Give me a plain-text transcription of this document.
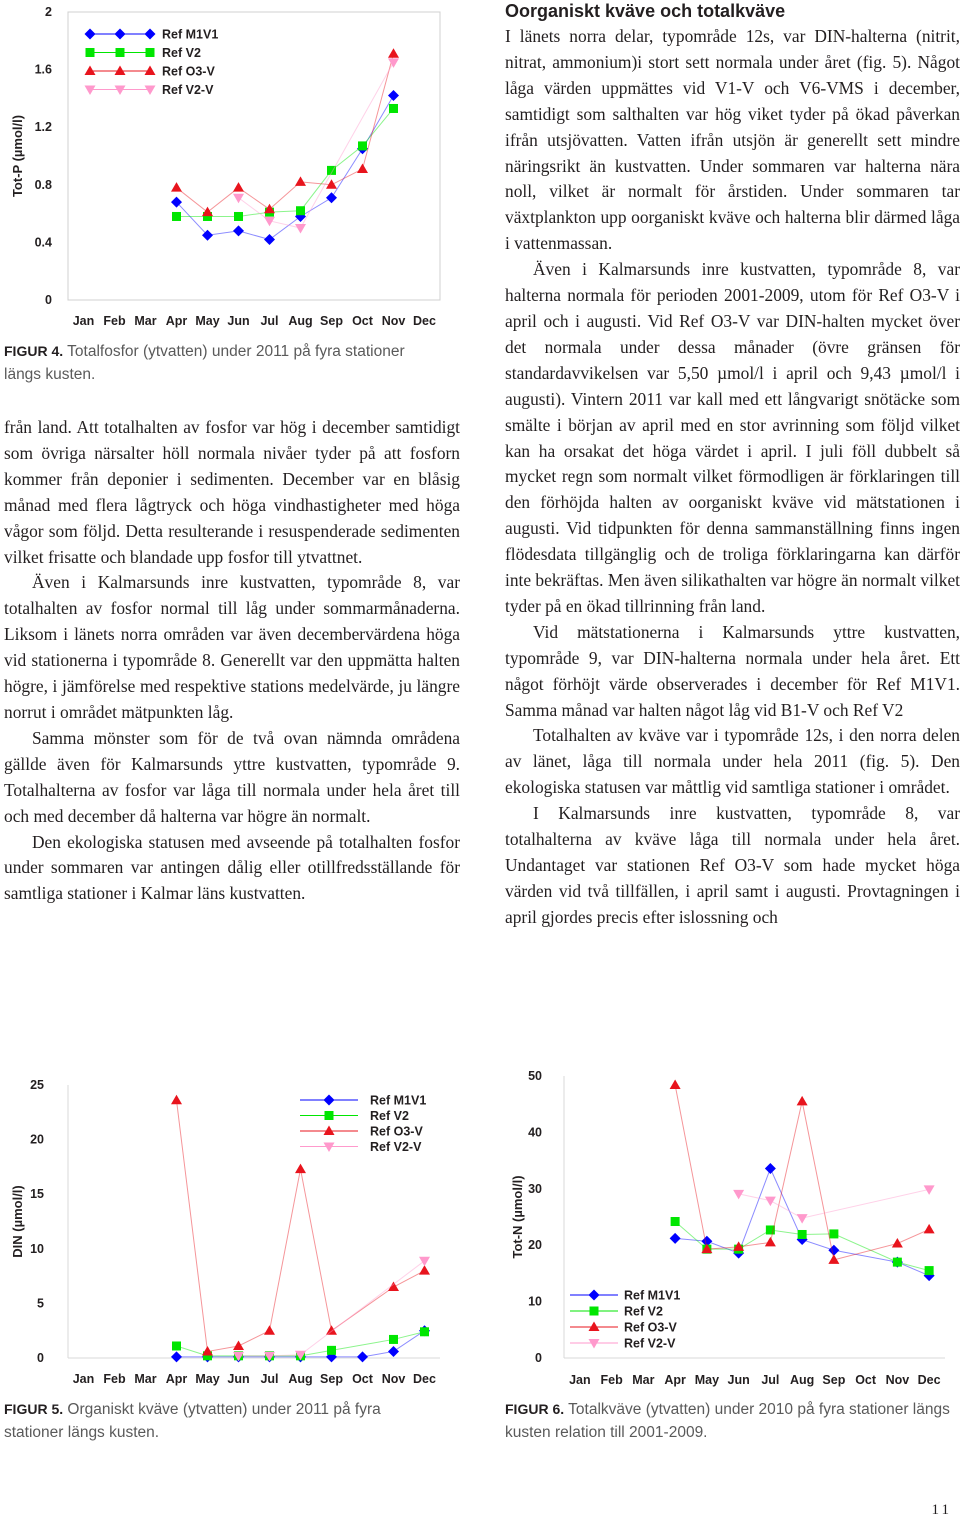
0
0.4
0.8
1.2
1.6
2
Tot-P (µmol/l)
Jan Feb Mar Apr May Jun Jul Aug Sep Oct Nov Dec
Ref M1V1
Ref V2
Ref O3-V
Ref V2-V
FIGUR 4. Totalfosfor (ytvatten) under 2011 på fyra stationer längs kusten.

från land. Att totalhalten av fosfor var hög i december samtidigt som övriga närsalter höll normala nivåer tyder på att fosforn kommer från deponier i sedimenten. December var en blåsig månad med flera lågtryck och höga vindhastigheter med höga vågor som följd. Detta resulterande i resuspenderade sedimenten vilket frisatte och blandade upp fosfor till ytvattnet.

Även i Kalmarsunds inre kustvatten, typområde 8, var totalhalten av fosfor normal till låg under sommarmånaderna. Liksom i länets norra områden var även decembervärdena höga vid stationerna i typområde 8. Generellt var den uppmätta halten högre, i jämförelse med respektive stations medelvärde, ju längre norrut i området mätpunkten låg.

Samma mönster som för de två ovan nämnda områdena gällde även för Kalmarsunds yttre kustvatten, typområde 9. Totalhalterna av fosfor var låga till normala under hela året till och med december då halterna var högre än normalt.

Den ekologiska statusen med avseende på totalhalten fosfor under sommaren var antingen dålig eller otillfredsställande för samtliga stationer i Kalmar läns kustvatten.

Oorganiskt kväve och totalkväve

I länets norra delar, typområde 12s, var DIN-halterna (nitrit, nitrat, ammonium)i stort sett normala under året (fig. 5). Något låga värden uppmättes vid V1-V och V6-VMS i december, samtidigt som salthalten var hög viket tyder på ökad påverkan ifrån utsjövatten. Vatten ifrån utsjön är generellt sett mindre näringsrikt än kustvatten. Under sommaren var halterna nära noll, vilket är normalt för årstiden. Under sommaren tar växtplankton upp oorganiskt kväve och halterna blir därmed låga i vattenmassan.

Även i Kalmarsunds inre kustvatten, typområde 8, var halterna normala för perioden 2001-2009, utom för Ref O3-V i april och i augusti. Vid Ref O3-V var DIN-halten mycket över det normala under dessa månader (övre gränsen för standardavvikelsen var 5,50 µmol/l i april och 9,43 µmol/l i augusti). Vintern 2011 var kall med ett långvarigt snötäcke som smälte i början av april med en stor avrinning som följd vilket kan ha orsakat det höga värdet i april. I juli föll dubbelt så mycket regn som normalt vilket förmodligen är förklaringen till den förhöjda halten av oorganiskt kväve vid mätstationen i augusti. Vid tidpunkten för denna sammanställning finns ingen flödesdata tillgänglig och de troliga förklaringarna kan därför inte bekräftas. Men även silikathalten var högre än normalt vilket tyder på en ökad tillrinning från land.

Vid mätstationerna i Kalmarsunds yttre kustvatten, typområde 9, var DIN-halterna normala under hela året. Ett något förhöjt värde observerades i december för Ref M1V1. Samma månad var halten något låg vid B1-V och Ref V2

Totalhalten av kväve var i typområde 12s, i den norra delen av länet, låga till normala under hela 2011 (fig. 5). Den ekologiska statusen var måttlig vid samtliga stationer i området.

I Kalmarsunds inre kustvatten, typområde 8, var totalhalterna av kväve låga till normala under hela året. Undantaget var stationen Ref O3-V som hade mycket höga värden vid två tillfällen, i april samt i augusti. Provtagningen i april gjordes precis efter islossning och

0
5
10
15
20
25
DIN (µmol/l)
Jan Feb Mar Apr May Jun Jul Aug Sep Oct Nov Dec
Ref M1V1
Ref V2
Ref O3-V
Ref V2-V
FIGUR 5. Organiskt kväve (ytvatten) under 2011 på fyra stationer längs kusten.
0
10
20
30
40
50
Tot-N (µmol/l)
Jan Feb Mar Apr May Jun Jul Aug Sep Oct Nov Dec
Ref M1V1
Ref V2
Ref O3-V
Ref V2-V
FIGUR 6. Totalkväve (ytvatten) under 2010 på fyra stationer längs kusten relation till 2001-2009.
11
